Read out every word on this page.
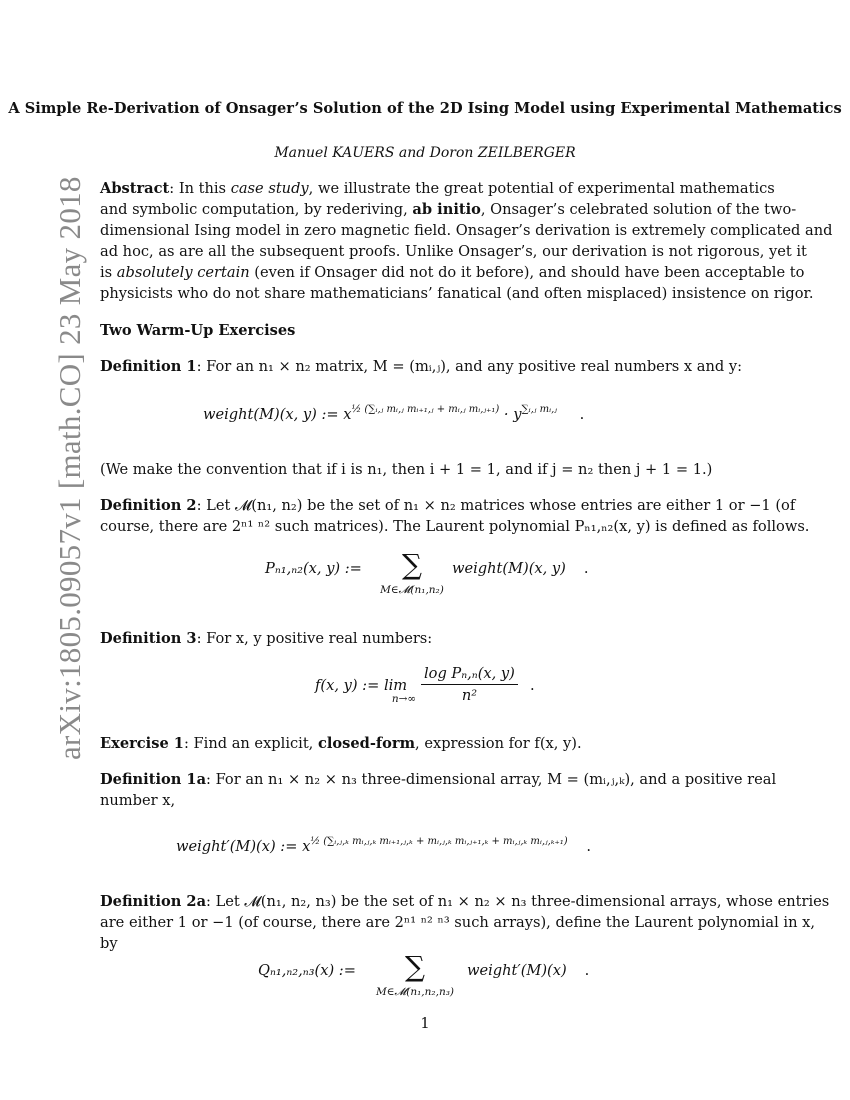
A Simple Re-Derivation of Onsager’s Solution of the 2D Ising Model using Experimental Mathematics
Manuel KAUERS and Doron ZEILBERGER
arXiv:1805.09057v1 [math.CO] 23 May 2018 Abstract: In this case study, we illustrate the great potential of experimental mathematics
and symbolic computation, by rederiving, ab initio, Onsager’s celebrated solution of the two-
dimensional Ising model in zero magnetic field. Onsager’s derivation is extremely complicated and
ad hoc, as are all the subsequent proofs. Unlike Onsager’s, our derivation is not rigorous, yet it
is absolutely certain (even if Onsager did not do it before), and should have been acceptable to
physicists who do not share mathematicians’ fanatical (and often misplaced) insistence on rigor.
Two Warm-Up Exercises
Definition 1: For an n₁ × n₂ matrix, M = (mᵢ,ⱼ), and any positive real numbers x and y:
weight(M)(x, y) := $x^{\frac{1}{2} (\sum ᵢ,ⱼ mᵢ,ⱼ mᵢ_{+1},ⱼ + mᵢ,ⱼ mᵢ,ⱼ_{+1})} \cdot y^{\sum ᵢ,ⱼ mᵢ,ⱼ}$ .
(We make the convention that if i is n₁, then i + 1 = 1, and if j = n₂ then j + 1 = 1.)
Definition 2: Let 𝓜(n₁, n₂) be the set of n₁ × n₂ matrices whose entries are either 1 or −1 (of
course, there are 2ⁿ¹ ⁿ² such matrices). The Laurent polynomial Pₙ₁,ₙ₂(x, y) is defined as follows.
Pₙ₁,ₙ₂(x, y) := ∑
M∈𝓜(n₁,n₂)
weight(M)(x, y) .
Definition 3: For x, y positive real numbers:
f(x, y) := lim
$n\to\infty \frac{\text{log Pₙ,ₙ(x, y)}}{\text{n²}}$ .
Exercise 1: Find an explicit, closed-form, expression for f(x, y).
Definition 1a: For an n₁ × n₂ × n₃ three-dimensional array, M = (mᵢ,ⱼ,ₖ), and a positive real
number x,
weight′(M)(x) := $x^{\frac{1}{2} (\sum ᵢ,ⱼ,_k mᵢ,ⱼ,_k mᵢ_{+1},ⱼ,_k + mᵢ,ⱼ,_k mᵢ,ⱼ_{+1},_k + mᵢ,ⱼ,_k mᵢ,ⱼ,_{k+1})}$ .
Definition 2a: Let 𝓜(n₁, n₂, n₃) be the set of n₁ × n₂ × n₃ three-dimensional arrays, whose entries
are either 1 or −1 (of course, there are 2ⁿ¹ ⁿ² ⁿ³ such arrays), define the Laurent polynomial in x,
by
Qₙ₁,ₙ₂,ₙ₃(x) := ∑
M∈𝓜(n₁,n₂,n₃)
weight′(M)(x) .
1
